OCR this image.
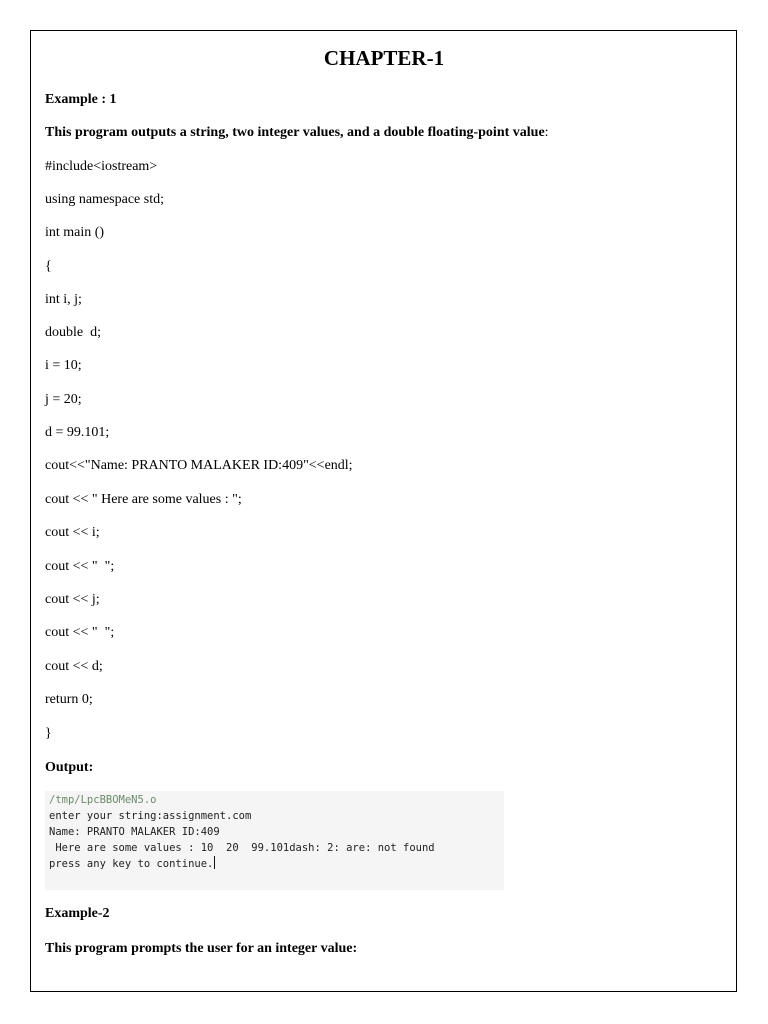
CHAPTER-1
Example : 1
This program outputs a string, two integer values, and a double floating-point value:
#include<iostream>
using namespace std;
int main ()
{
int i, j;
double  d;
i = 10;
j = 20;
d = 99.101;
cout<<"Name: PRANTO MALAKER ID:409"<<endl;
cout << " Here are some values : ";
cout << i;
cout << "  ";
cout << j;
cout << "  ";
cout << d;
return 0;
}
Output:
/tmp/LpcBBOMeN5.o
enter your string:assignment.com
Name: PRANTO MALAKER ID:409
Here are some values : 10  20  99.101dash: 2: are: not found
press any key to continue.
Example-2
This program prompts the user for an integer value:
